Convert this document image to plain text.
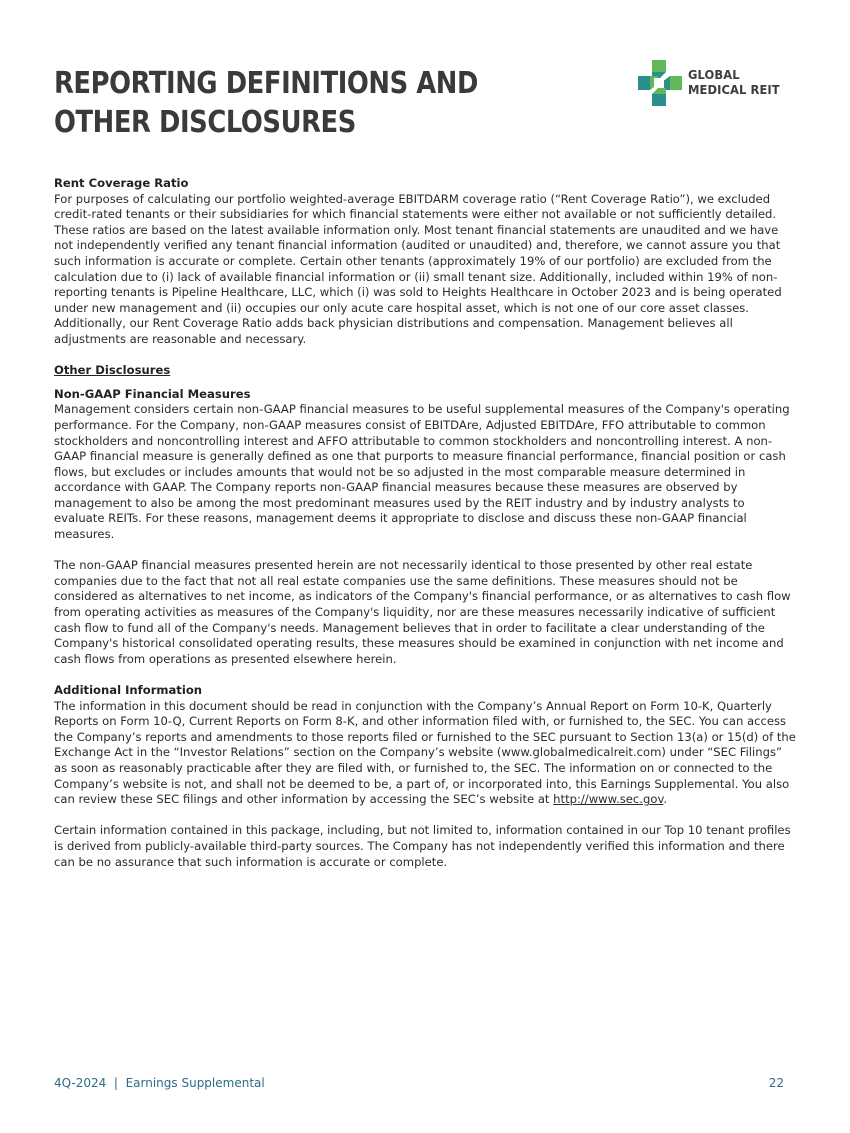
REPORTING DEFINITIONS AND
OTHER DISCLOSURES
GLOBAL
MEDICAL REIT

Rent Coverage Ratio

For purposes of calculating our portfolio weighted-average EBITDARM coverage ratio (“Rent Coverage Ratio”), we excluded credit-rated tenants or their subsidiaries for which financial statements were either not available or not sufficiently detailed. These ratios are based on the latest available information only. Most tenant financial statements are unaudited and we have not independently verified any tenant financial information (audited or unaudited) and, therefore, we cannot assure you that such information is accurate or complete. Certain other tenants (approximately 19% of our portfolio) are excluded from the calculation due to (i) lack of available financial information or (ii) small tenant size. Additionally, included within 19% of non-reporting tenants is Pipeline Healthcare, LLC, which (i) was sold to Heights Healthcare in October 2023 and is being operated under new management and (ii) occupies our only acute care hospital asset, which is not one of our core asset classes. Additionally, our Rent Coverage Ratio adds back physician distributions and compensation. Management believes all adjustments are reasonable and necessary.

Other Disclosures

Non-GAAP Financial Measures

Management considers certain non-GAAP financial measures to be useful supplemental measures of the Company's operating performance. For the Company, non-GAAP measures consist of EBITDAre, Adjusted EBITDAre, FFO attributable to common stockholders and noncontrolling interest and AFFO attributable to common stockholders and noncontrolling interest. A non-GAAP financial measure is generally defined as one that purports to measure financial performance, financial position or cash flows, but excludes or includes amounts that would not be so adjusted in the most comparable measure determined in accordance with GAAP. The Company reports non-GAAP financial measures because these measures are observed by management to also be among the most predominant measures used by the REIT industry and by industry analysts to evaluate REITs. For these reasons, management deems it appropriate to disclose and discuss these non-GAAP financial measures.

The non-GAAP financial measures presented herein are not necessarily identical to those presented by other real estate companies due to the fact that not all real estate companies use the same definitions. These measures should not be considered as alternatives to net income, as indicators of the Company's financial performance, or as alternatives to cash flow from operating activities as measures of the Company's liquidity, nor are these measures necessarily indicative of sufficient cash flow to fund all of the Company's needs. Management believes that in order to facilitate a clear understanding of the Company's historical consolidated operating results, these measures should be examined in conjunction with net income and cash flows from operations as presented elsewhere herein.

Additional Information

The information in this document should be read in conjunction with the Company’s Annual Report on Form 10-K, Quarterly Reports on Form 10-Q, Current Reports on Form 8-K, and other information filed with, or furnished to, the SEC. You can access the Company’s reports and amendments to those reports filed or furnished to the SEC pursuant to Section 13(a) or 15(d) of the Exchange Act in the “Investor Relations” section on the Company’s website (www.globalmedicalreit.com) under “SEC Filings” as soon as reasonably practicable after they are filed with, or furnished to, the SEC. The information on or connected to the Company’s website is not, and shall not be deemed to be, a part of, or incorporated into, this Earnings Supplemental. You also can review these SEC filings and other information by accessing the SEC’s website at http://www.sec.gov.

Certain information contained in this package, including, but not limited to, information contained in our Top 10 tenant profiles is derived from publicly-available third-party sources. The Company has not independently verified this information and there can be no assurance that such information is accurate or complete.

4Q-2024  |  Earnings Supplemental	22
